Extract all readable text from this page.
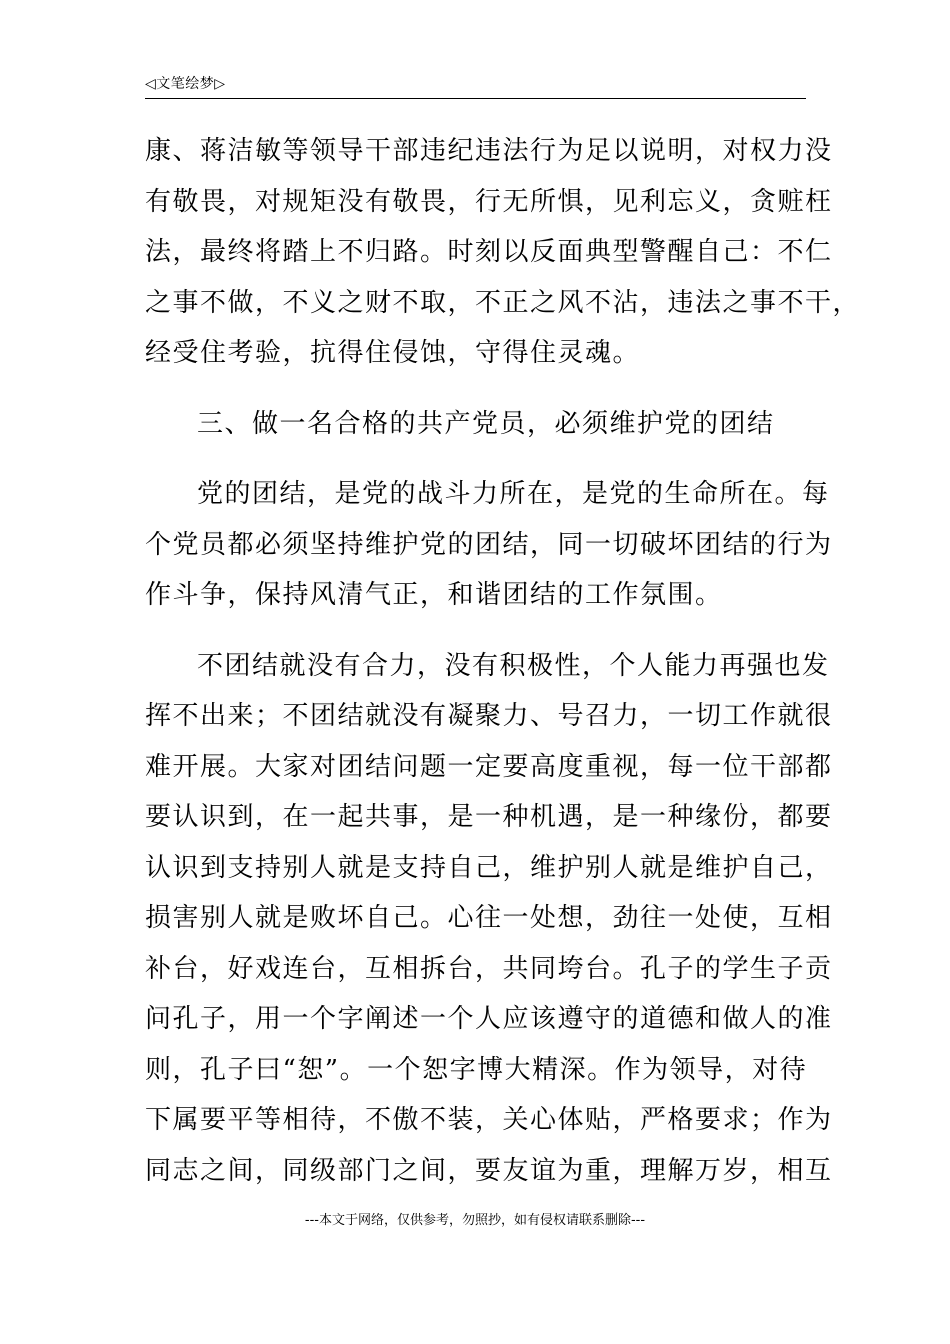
◁文笔绘梦▷
康、蒋洁敏等领导干部违纪违法行为足以说明，对权力没
有敬畏，对规矩没有敬畏，行无所惧，见利忘义，贪赃枉
法，最终将踏上不归路。时刻以反面典型警醒自己：不仁
之事不做，不义之财不取，不正之风不沾，违法之事不干，
经受住考验，抗得住侵蚀，守得住灵魂。
三、做一名合格的共产党员，必须维护党的团结
党的团结，是党的战斗力所在，是党的生命所在。每
个党员都必须坚持维护党的团结，同一切破坏团结的行为
作斗争，保持风清气正，和谐团结的工作氛围。
不团结就没有合力，没有积极性，个人能力再强也发
挥不出来；不团结就没有凝聚力、号召力，一切工作就很
难开展。大家对团结问题一定要高度重视，每一位干部都
要认识到，在一起共事，是一种机遇，是一种缘份，都要
认识到支持别人就是支持自己，维护别人就是维护自己，
损害别人就是败坏自己。心往一处想，劲往一处使，互相
补台，好戏连台，互相拆台，共同垮台。孔子的学生子贡
问孔子，用一个字阐述一个人应该遵守的道德和做人的准
则，孔子曰“恕”。一个恕字博大精深。作为领导，对待
下属要平等相待，不傲不装，关心体贴，严格要求；作为
同志之间，同级部门之间，要友谊为重，理解万岁，相互
---本文于网络，仅供参考，勿照抄，如有侵权请联系删除---
